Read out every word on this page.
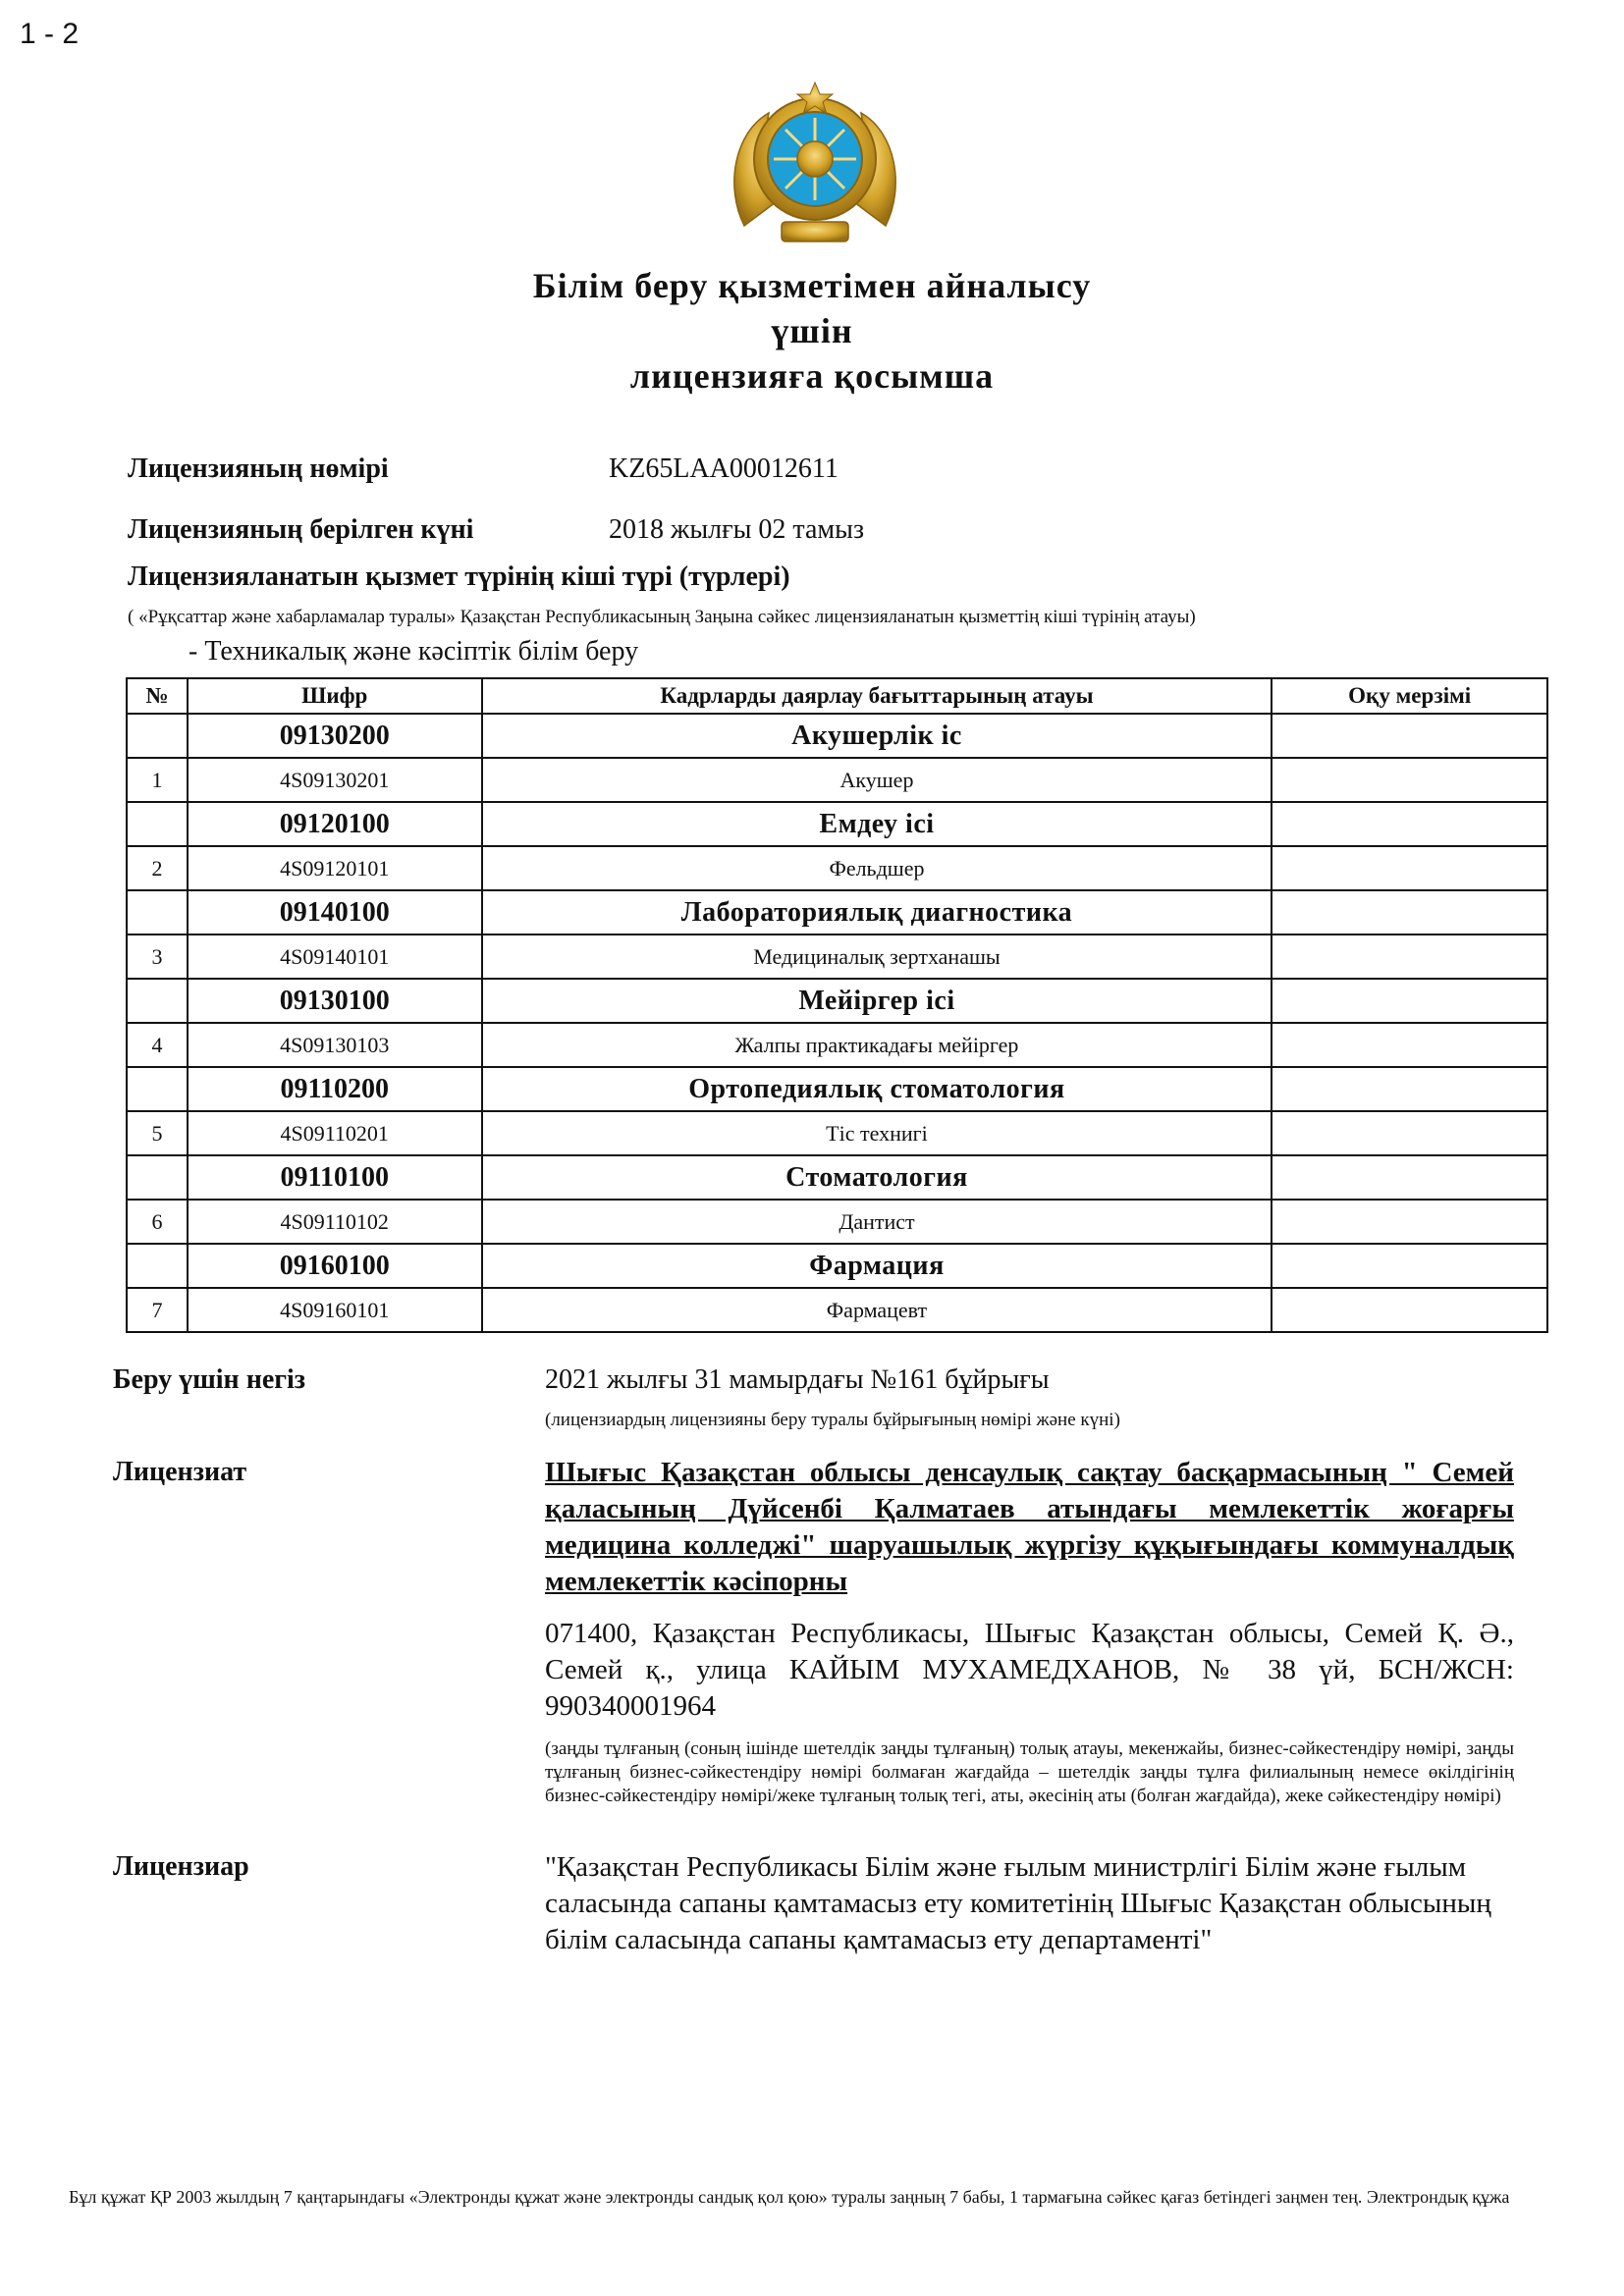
1 - 2
Білім беру қызметімен айналысу
үшін
лицензияға қосымша
Лицензияның нөмірі	KZ65LAA00012611
Лицензияның берілген күні	2018 жылғы 02 тамыз
Лицензияланатын қызмет түрінің кіші түрі (түрлері)
( «Рұқсаттар және хабарламалар туралы» Қазақстан Республикасының Заңына сәйкес лицензияланатын қызметтің кіші түрінің атауы)
- Техникалық және кәсіптік білім беру
№	Шифр	Кадрларды даярлау бағыттарының атауы	Оқу мерзімі
	09130200	Акушерлік іс	
1	4S09130201	Акушер	
	09120100	Емдеу ісі	
2	4S09120101	Фельдшер	
	09140100	Лабораториялық диагностика	
3	4S09140101	Медициналық зертханашы	
	09130100	Мейіргер ісі	
4	4S09130103	Жалпы практикадағы мейіргер	
	09110200	Ортопедиялық стоматология	
5	4S09110201	Тіс технигі	
	09110100	Стоматология	
6	4S09110102	Дантист	
	09160100	Фармация	
7	4S09160101	Фармацевт	
Беру үшін негіз	2021 жылғы 31 мамырдағы №161 бұйрығы
(лицензиардың лицензияны беру туралы бұйрығының нөмірі және күні)
Лицензиат	Шығыс Қазақстан облысы денсаулық сақтау басқармасының " Семей қаласының Дүйсенбі Қалматаев атындағы мемлекеттік жоғарғы медицина колледжі" шаруашылық жүргізу құқығындағы коммуналдық мемлекеттік кәсіпорны
071400, Қазақстан Республикасы, Шығыс Қазақстан облысы, Семей Қ. Ә., Семей қ., улица КАЙЫМ МУХАМЕДХАНОВ, № 38 үй, БСН/ЖСН: 990340001964
(заңды тұлғаның (соның ішінде шетелдік заңды тұлғаның) толық атауы, мекенжайы, бизнес-сәйкестендіру нөмірі, заңды тұлғаның бизнес-сәйкестендіру нөмірі болмаған жағдайда – шетелдік заңды тұлға филиалының немесе өкілдігінің бизнес-сәйкестендіру нөмірі/жеке тұлғаның толық тегі, аты, әкесінің аты (болған жағдайда), жеке сәйкестендіру нөмірі)
Лицензиар	"Қазақстан Республикасы Білім және ғылым министрлігі Білім және ғылым саласында сапаны қамтамасыз ету комитетінің Шығыс Қазақстан облысының білім саласында сапаны қамтамасыз ету департаменті"
Бұл құжат ҚР 2003 жылдың 7 қаңтарындағы «Электронды құжат және электронды сандық қол қою» туралы заңның 7 бабы, 1 тармағына сәйкес қағаз бетіндегі заңмен тең. Электрондық құжа
